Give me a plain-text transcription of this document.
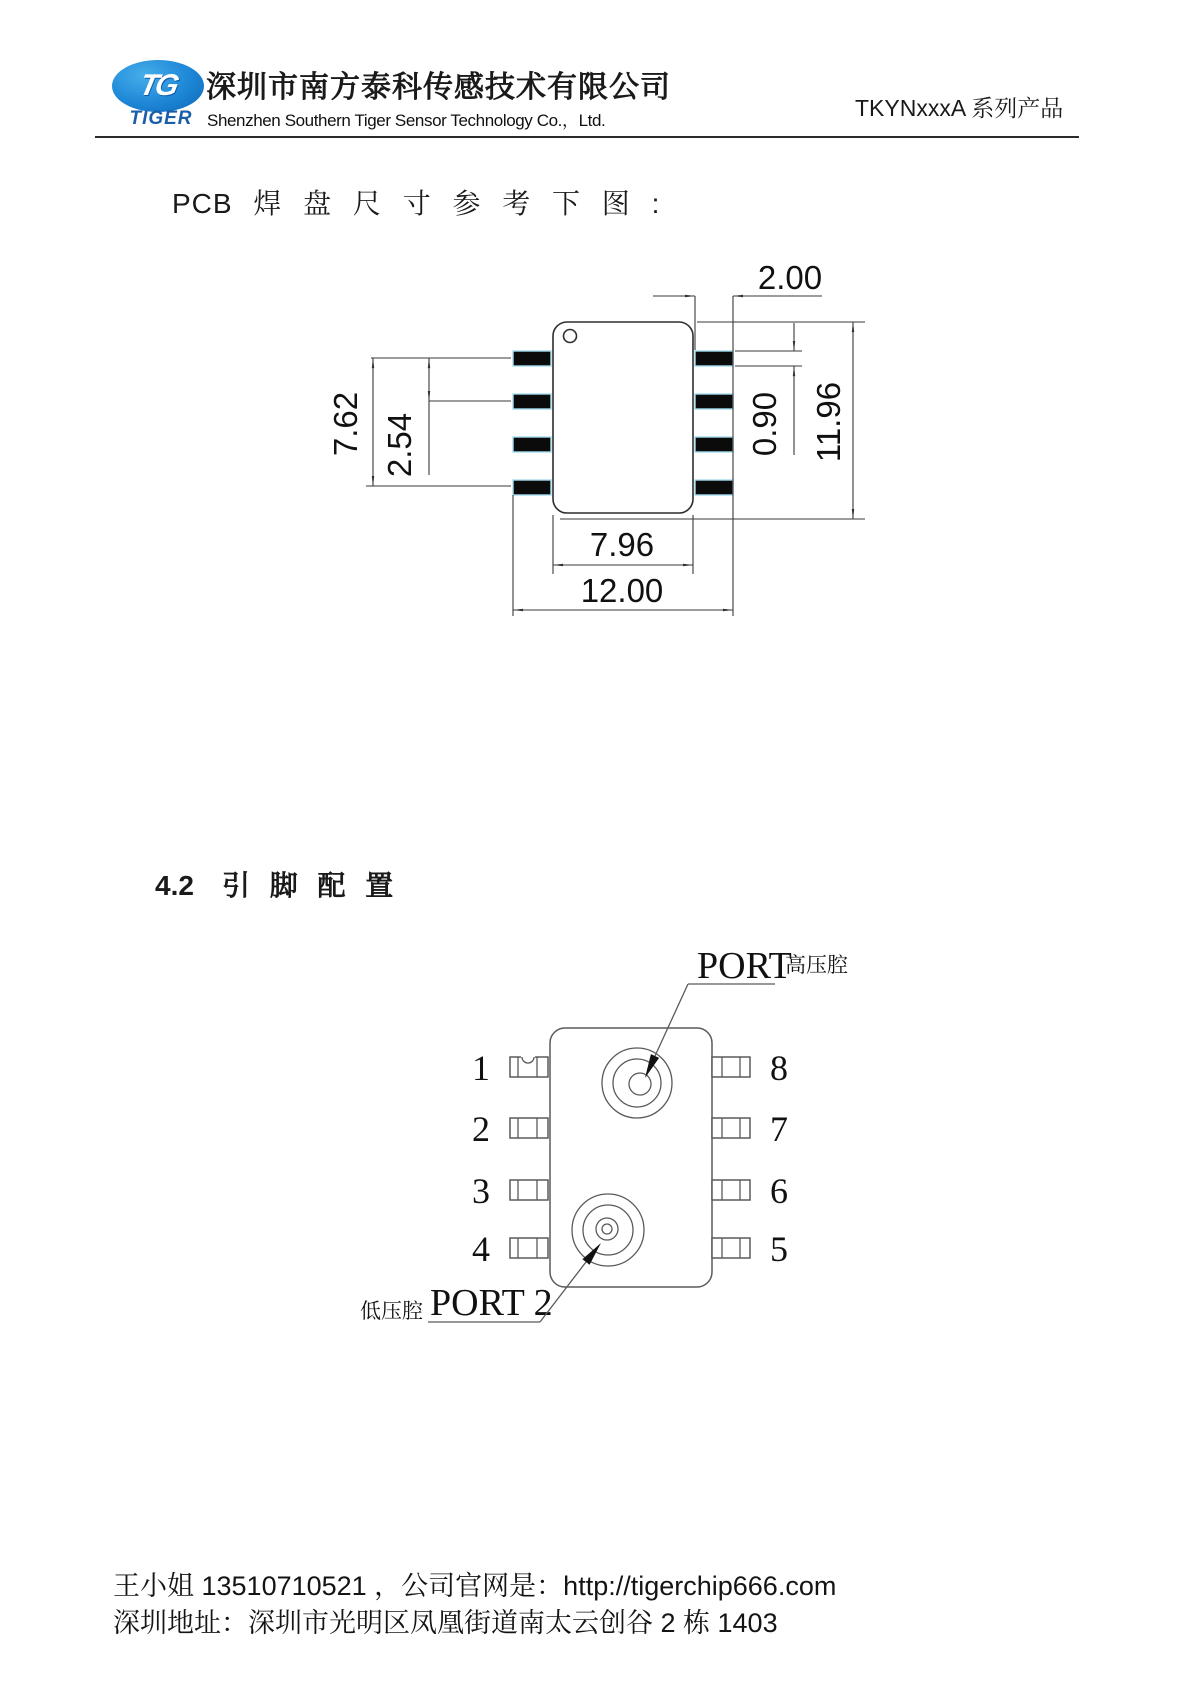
TG
TIGER
深圳市南方泰科传感技术有限公司
Shenzhen Southern Tiger Sensor Technology Co.，Ltd.	TKYNxxxA 系列产品
PCB 焊 盘 尺 寸 参 考 下 图 :
2.00
0.90 11.96
7.62 2.54
7.96
12.00
4.2 引 脚 配 置
1
2
3
4
8
7
6
5
PORT
高压腔
低压腔 PORT 2
王小姐 13510710521 ，公司官网是：http://tigerchip666.com
深圳地址：深圳市光明区凤凰街道南太云创谷 2 栋 1403
